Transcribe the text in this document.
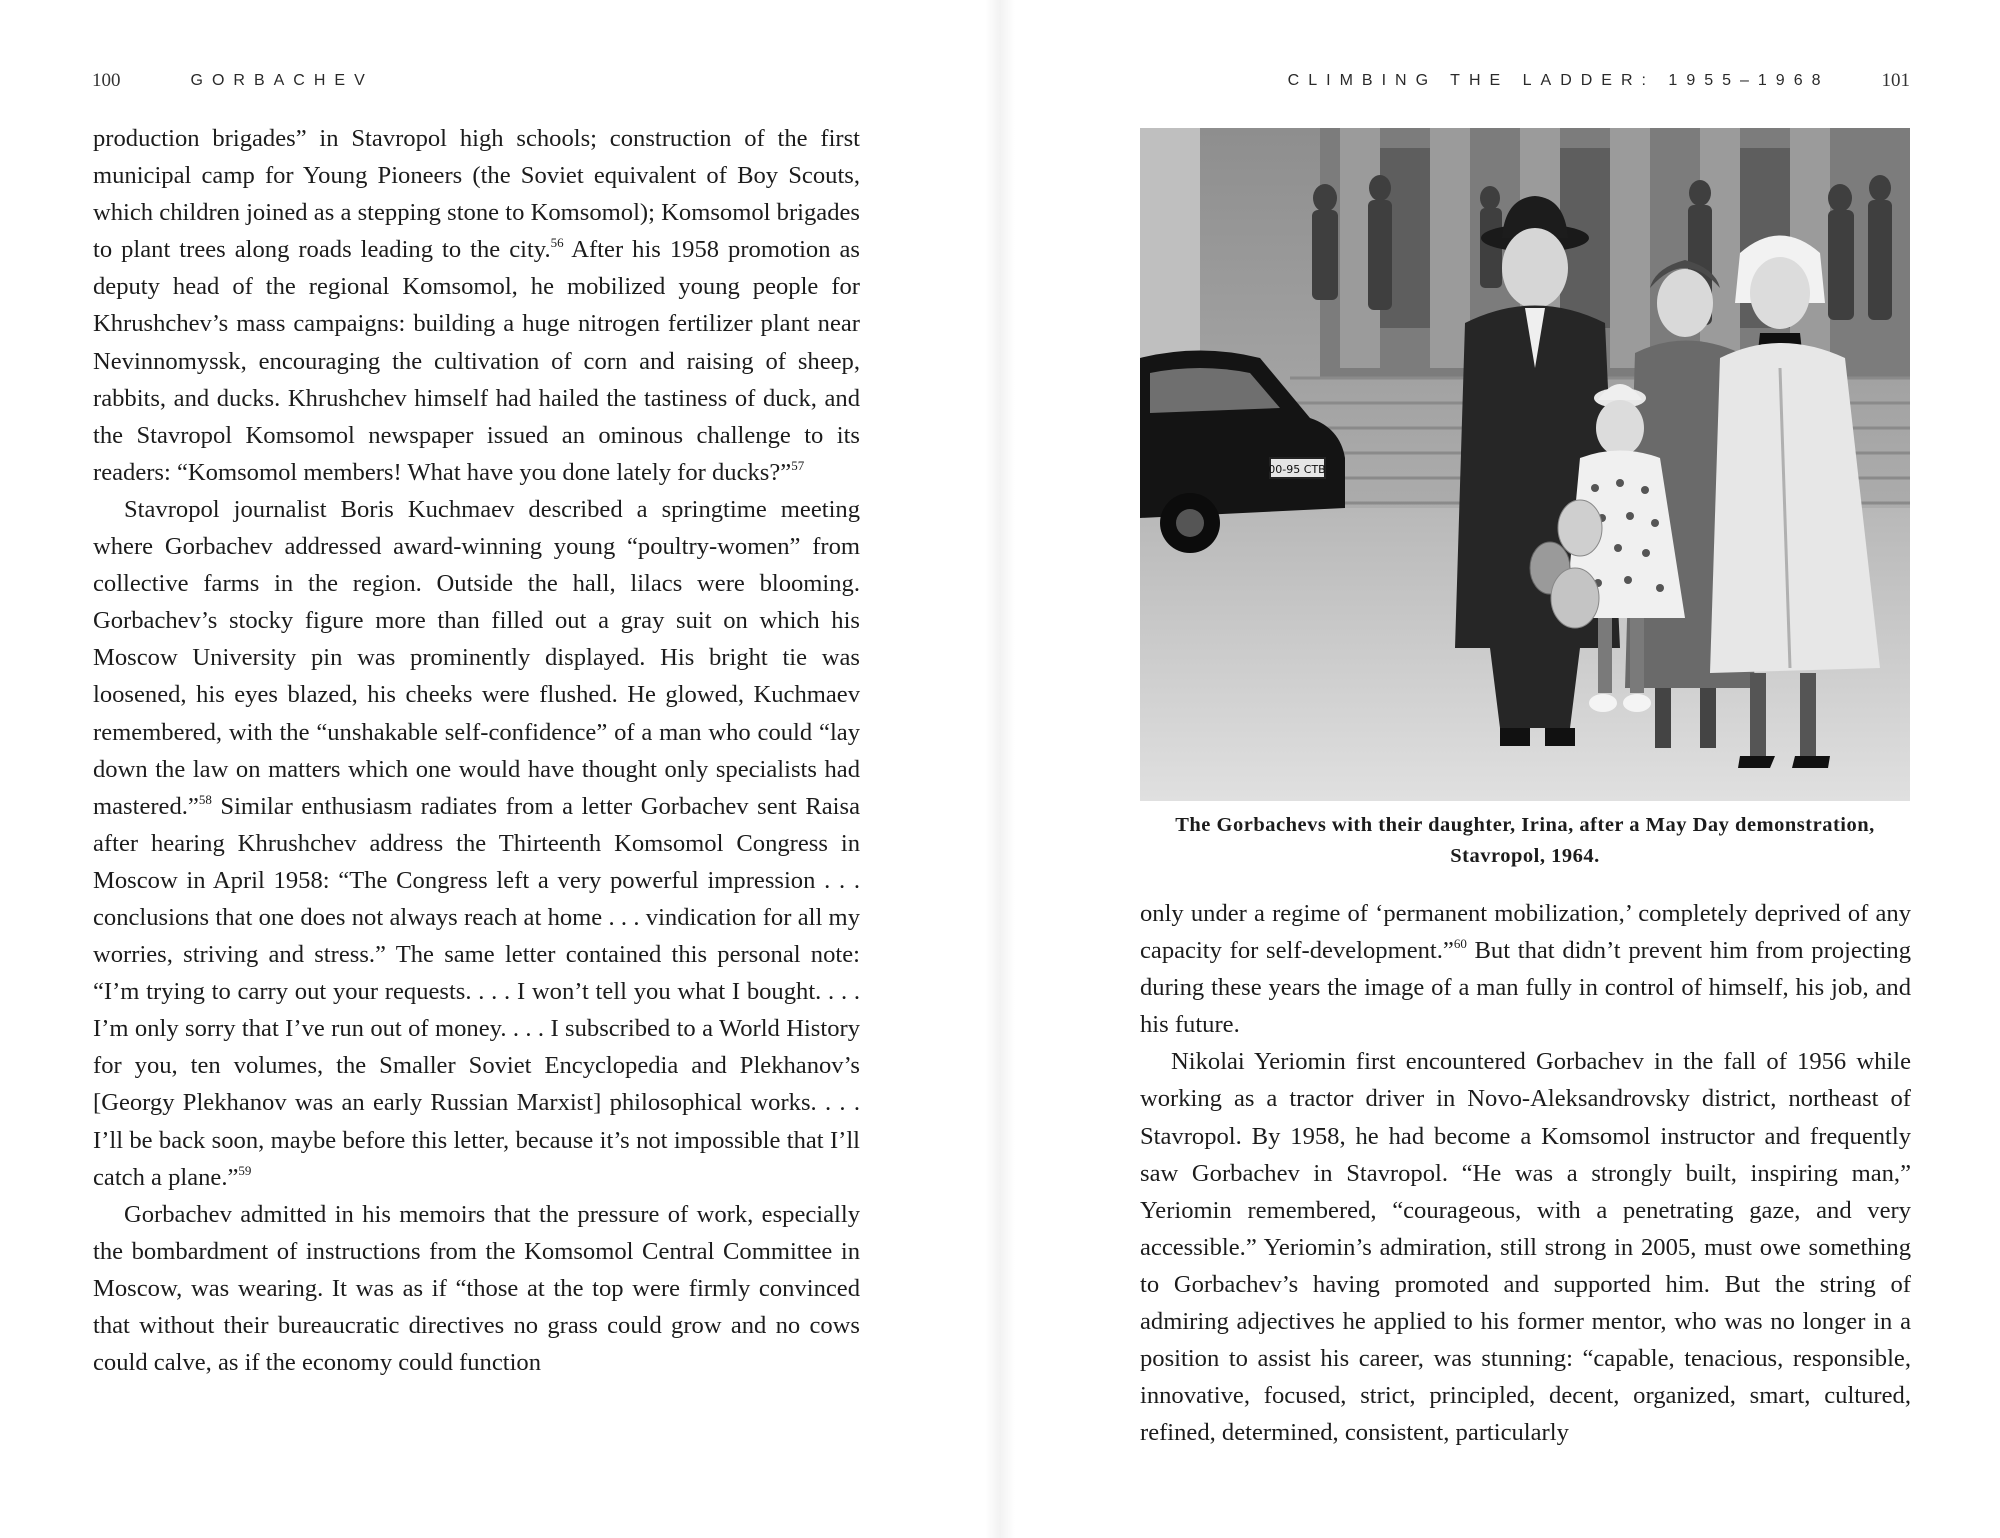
100	GORBACHEV

production brigades” in Stavropol high schools; construction of the first municipal camp for Young Pioneers (the Soviet equivalent of Boy Scouts, which children joined as a stepping stone to Komsomol); Komsomol brigades to plant trees along roads leading to the city.$^{56}$ After his 1958 promotion as deputy head of the regional Komsomol, he mobilized young people for Khrushchev’s mass campaigns: building a huge nitrogen fertilizer plant near Nevinnomyssk, encouraging the cultivation of corn and raising of sheep, rabbits, and ducks. Khrushchev himself had hailed the tastiness of duck, and the Stavropol Komsomol newspaper issued an ominous challenge to its readers: “Komsomol members! What have you done lately for ducks?”$^{57}$

Stavropol journalist Boris Kuchmaev described a springtime meeting where Gorbachev addressed award-winning young “poultry-women” from collective farms in the region. Outside the hall, lilacs were blooming. Gorbachev’s stocky figure more than filled out a gray suit on which his Moscow University pin was prominently displayed. His bright tie was loosened, his eyes blazed, his cheeks were flushed. He glowed, Kuchmaev remembered, with the “unshakable self-confidence” of a man who could “lay down the law on matters which one would have thought only specialists had mastered.”$^{58}$ Similar enthusiasm radiates from a letter Gorbachev sent Raisa after hearing Khrushchev address the Thirteenth Komsomol Congress in Moscow in April 1958: “The Congress left a very powerful impression . . . conclusions that one does not always reach at home . . . vindication for all my worries, striving and stress.” The same letter contained this personal note: “I’m trying to carry out your requests. . . . I won’t tell you what I bought. . . . I’m only sorry that I’ve run out of money. . . . I subscribed to a World History for you, ten volumes, the Smaller Soviet Encyclopedia and Plekhanov’s [Georgy Plekhanov was an early Russian Marxist] philosophical works. . . . I’ll be back soon, maybe before this letter, because it’s not impossible that I’ll catch a plane.”$^{59}$

Gorbachev admitted in his memoirs that the pressure of work, especially the bombardment of instructions from the Komsomol Central Committee in Moscow, was wearing. It was as if “those at the top were firmly convinced that without their bureaucratic directives no grass could grow and no cows could calve, as if the economy could function

CLIMBING THE LADDER: 1955–1968	101
00-95 СТВ
The Gorbachevs with their daughter, Irina, after a May Day demonstration, Stavropol, 1964.

only under a regime of ‘permanent mobilization,’ completely deprived of any capacity for self-development.”$^{60}$ But that didn’t prevent him from projecting during these years the image of a man fully in control of himself, his job, and his future.

Nikolai Yeriomin first encountered Gorbachev in the fall of 1956 while working as a tractor driver in Novo-Aleksandrovsky district, northeast of Stavropol. By 1958, he had become a Komsomol instructor and frequently saw Gorbachev in Stavropol. “He was a strongly built, inspiring man,” Yeriomin remembered, “courageous, with a penetrating gaze, and very accessible.” Yeriomin’s admiration, still strong in 2005, must owe something to Gorbachev’s having promoted and supported him. But the string of admiring adjectives he applied to his former mentor, who was no longer in a position to assist his career, was stunning: “capable, tenacious, responsible, innovative, focused, strict, principled, decent, organized, smart, cultured, refined, determined, consistent, particularly
